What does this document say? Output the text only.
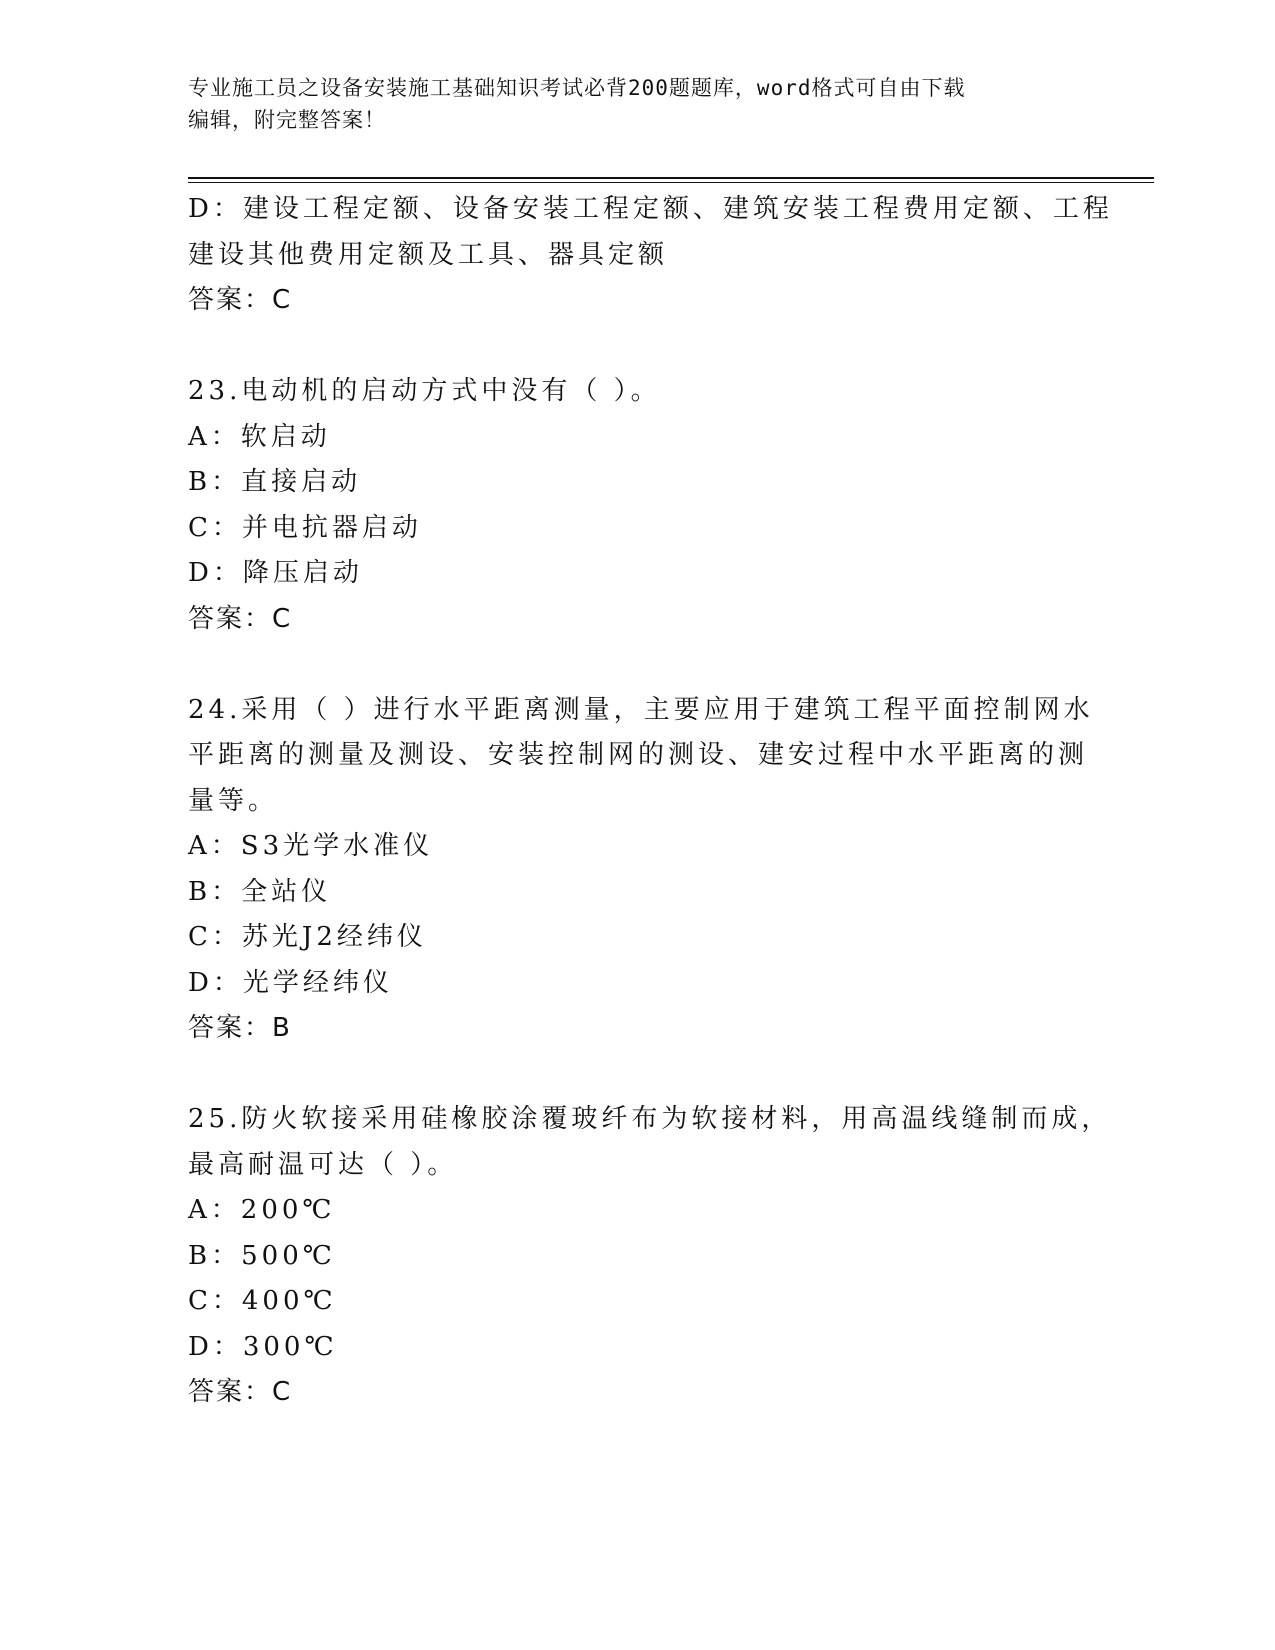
专业施工员之设备安装施工基础知识考试必背200题题库，word格式可自由下载
编辑，附完整答案！
D：建设工程定额、设备安装工程定额、建筑安装工程费用定额、工程
建设其他费用定额及工具、器具定额
答案：C
23.电动机的启动方式中没有（ ）。
A：软启动
B：直接启动
C：并电抗器启动
D：降压启动
答案：C
24.采用（ ）进行水平距离测量，主要应用于建筑工程平面控制网水
平距离的测量及测设、安装控制网的测设、建安过程中水平距离的测
量等。
A：S3光学水准仪
B：全站仪
C：苏光J2经纬仪
D：光学经纬仪
答案：B
25.防火软接采用硅橡胶涂覆玻纤布为软接材料，用高温线缝制而成，
最高耐温可达（ ）。
A：200℃
B：500℃
C：400℃
D：300℃
答案：C
